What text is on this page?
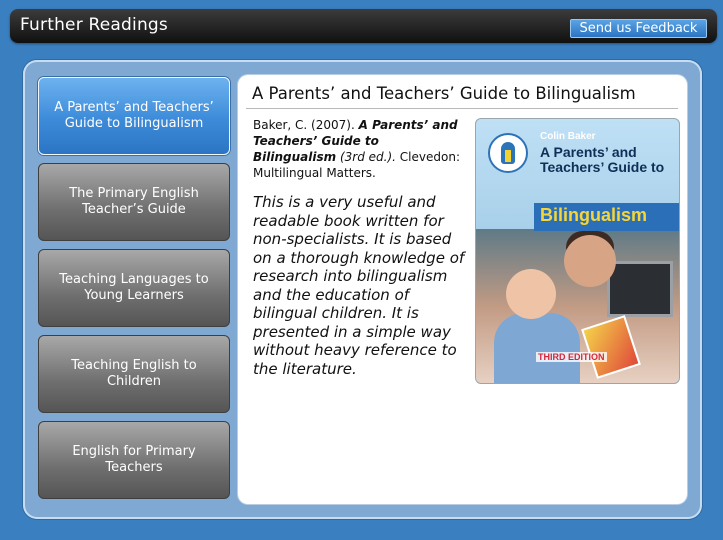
Further Readings	Send us Feedback
A Parents’ and Teachers’ Guide to Bilingualism
The Primary English Teacher’s Guide
Teaching Languages to Young Learners
Teaching English to Children
English for Primary Teachers
A Parents’ and Teachers’ Guide to Bilingualism
Baker, C. (2007). A Parents’ and Teachers’ Guide to Bilingualism (3rd ed.). Clevedon: Multilingual Matters.
This is a very useful and readable book written for non-specialists. It is based on a thorough knowledge of research into bilingualism and the education of bilingual children. It is presented in a simple way without heavy reference to the literature.
Colin Baker
A Parents’ and Teachers’ Guide to
Bilingualism
THIRD EDITION
